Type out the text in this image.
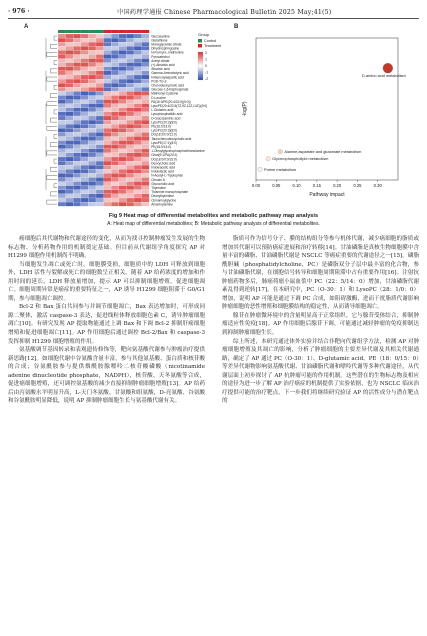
· 976 ·	中国药理学通报 Chinese Pharmacological Bulletin 2025 May;41(5)
A
Glucosamine
Glutathione
Monoglyceride citrate
Dihydrosphingosine
N-Formyl-L-methionine
Pyrocatechol
Acetyl citrate
(+)-Abscisic acid
Abscisic acid
Gamma-Aminobutyric acid
N-Benzoylaspartic acid
PGD-TG-3
Chenodeoxycholic acid
Glucose-1,6-bisphosphate
Methionyl-Cysteine
D-Leucine
PA(16:3/PE(20:4/22:5)(5:0))
LysoPE(20:4/22:6(7Z,9Z,12Z,14Z))(9:0)
L-Glutamic acid
Lysophosphatidic acid
D-Glucosaminic acid
LysoPC(20:3)(8:0)
PE(16:0/13:0)
LysoPC(20:3)(8:0)
DG(18:2/0:0/12:0)
Taurochenodeoxycholic acid
LysoPE(17:1)(8:0)
PE(18:0/13:0)
1-Oleoylglycerophosphoethanolamine
Citral(9:1/PA(20:2)
DG(18:0/0:0/15:0)
Deoxycholic acid
Indoleacetic acid
Indolelactic acid
N-Acetyl-L-Tryptophan
Citrusin A
Glycocholic acid
Thymidine
Thiamine monophosphate
Deoxythymidine
Cinnamoylglycine
Anserinylamine
Group
Control
Treatment
2
1
0
-1
-2
B
0.00	0.05	0.10	0.15	0.20	0.25	0.30
Pathway impact
-log(P)
D-amino acid metabolism
Alanine,aspartate and glutamate metabolism
Glycerophospholipid metabolism
Purine metabolism
Fig 9 Heat map of differential metabolites and metabolic pathway map analysis
A: Heat map of differential metabolites; B: Metabolic pathway analysis of differential metabolites.

癌细胞后其代谢物和代谢途径的变化，从而为找寻控制肿瘤发生发展的生物标志物、分析药物作用的机制奠定基础。但目前从代谢组学角度探究 AP 对 H1299 细胞作用机制尚不明确。

当细胞发生凋亡或死亡时，细胞膜受损，细胞质中的 LDH 可释放到细胞外，LDH 活性与裂解或死亡的细胞数呈正相关。随着 AP 给药浓度的增加和作用时间的延长，LDH 释放量增加，提示 AP 可以抑制细胞增殖，促进细胞凋亡。细胞周期异常是癌症的重要特征之一，AP 诱导 H1299 细胞阻滞于 G0/G1 期，参与细胞凋亡调控。

Bcl-2 和 Bax 蛋白共同参与并调节细胞凋亡，Bax 表达增加时，可形成同源二聚体，激活 caspase-3 表达，促进线粒体释放细胞色素 C，诱导肿瘤细胞凋亡[10]。有研究发现 AP 提取物能通过上调 Bax 和下调 Bcl-2 抑制肝癌细胞增殖和促进细胞凋亡[11]。AP 作用细胞后通过调控 Bcl-2/Bax 和 caspase-3 发挥抑制 H1299 细胞增殖的作用。

氨基酸调节基因转录和表观遗传修饰等，靶向氨基酸代谢参与肿瘤治疗提供新思路[12]。如细胞代谢中谷氨酸含量丰富，参与其他氨基酸、蛋白质和核苷酸的合成；谷氨酰胺参与提供烟酰胺腺嘌呤二核苷酸磷酸（nicotinamide adenine dinucleotide phosphate，NADPH），核苷酸、天冬氨酸等合成，促进癌细胞增殖，还可调控氨基酸的减少直接抑制肿瘤细胞增殖[13]。AP 给药后由丙氨酸水平明显升高，L-天门冬氨酸、甘氨酸和组氨酸，D-亮氨酸、谷氨酸和谷氨酰胺明显降低，说明 AP 抑制肿瘤细胞生长与氨基酸代谢有关。

脂质可作为信号分子、膜的结构组分等参与机体代谢，减少癌细胞的脂质或增加其代谢可以预防癌症进展和治疗转移[14]。甘油磷脂是真核生物细胞膜中含量丰富的磷脂，甘油磷脂代谢是 NSCLC 等癌症重要的代谢途径之一[15]。磷脂酰胆碱（phosphatidylcholine，PC）是磷脂双分子层中最丰富的化合物，参与甘油磷脂代谢，在细胞信号转导和细胞周期阻滞中占有重要作用[16]。注射抗肿瘤药物多后，肺癌荷瘤小鼠血浆中 PC（22：5/14：0）增加，甘油磷脂代谢紊乱得到逆转[17]。在本研究中，PC（O-30：1）和 LysoPC（28：1/0：0）增加，说明 AP 可能是通过下调 PC 合成，如阻碍激酶，进而干扰脂质代谢影响肿瘤细胞的恶性增殖和细胞膜结构的稳定性，从而诱导细胞凋亡。

腺苷在肿瘤微环境中的含量明显高于正常组织。它与腺苷受体结合，抑制肿瘤适应性免疫[18]。AP 作用细胞后腺苷下调，可能通过减轻肿瘤的免疫抑制达到抑制肿瘤细胞生长。

综上所述，本研究通过体外实验并结合非靶向代谢组学方法，检测 AP 对肿瘤细胞增殖及其凋亡的影响，分析了肿瘤细胞的主要差异代谢及其相关代谢通路，确定了 AP 通过 PC（O-30：1）、D-glutamic acid、PE（18：0/15：0）等差异代谢物影响氨基酸代谢、甘油磷脂代谢和嘌呤代谢等多种代谢途径，从代谢层面上初步探讨了 AP 抗肿瘤可能的作用机制。这些潜在的生物标志物及相应的途径为进一步了解 AP 治疗癌症的机制提供了实验依据，也为 NSCLC 临床治疗提供可能的治疗靶点。下一步我们将继续研究验证 AP 的活性成分与潜在靶点的
